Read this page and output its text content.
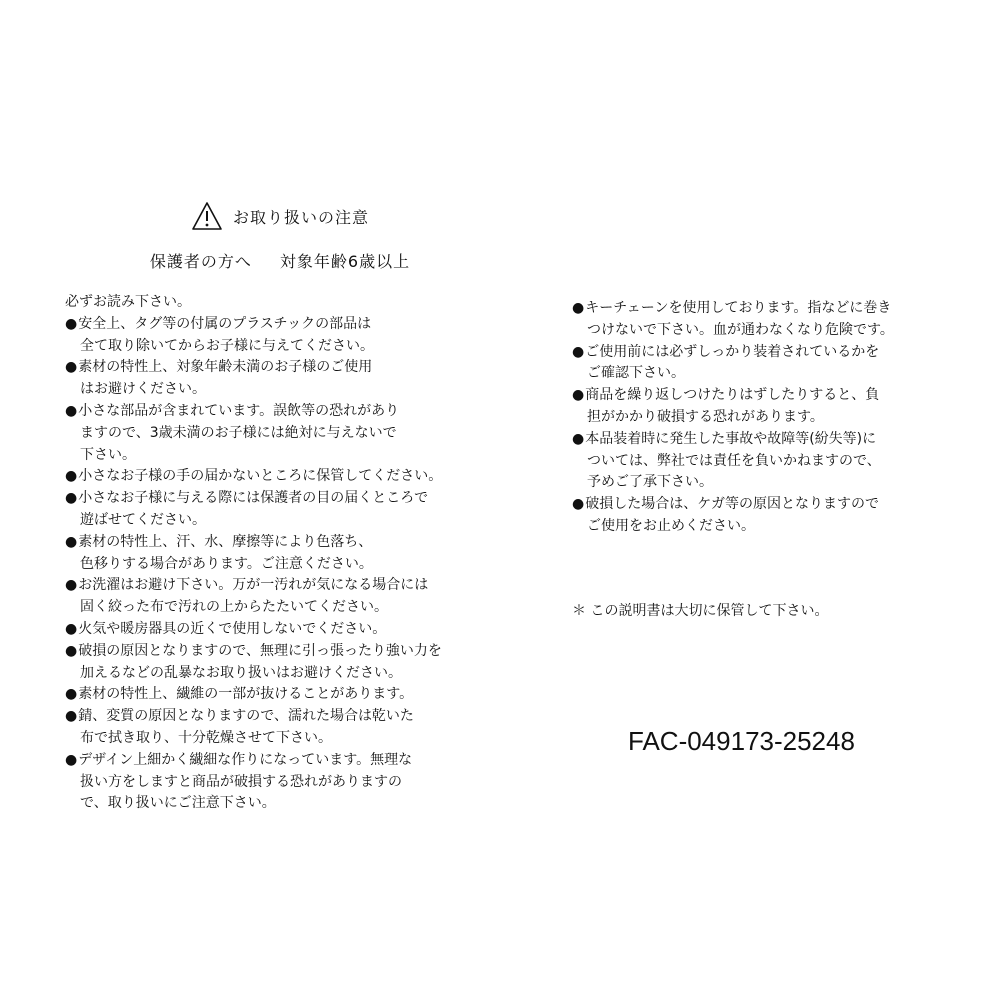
お取り扱いの注意
保護者の方へ 対象年齢6歳以上
必ずお読み下さい。
● 安全上、タグ等の付属のプラスチックの部品は
全て取り除いてからお子様に与えてください。
● 素材の特性上、対象年齢未満のお子様のご使用
はお避けください。
● 小さな部品が含まれています。誤飲等の恐れがあり
ますので、3歳未満のお子様には絶対に与えないで
下さい。
● 小さなお子様の手の届かないところに保管してください。
● 小さなお子様に与える際には保護者の目の届くところで
遊ばせてください。
● 素材の特性上、汗、水、摩擦等により色落ち、
色移りする場合があります。ご注意ください。
● お洗濯はお避け下さい。万が一汚れが気になる場合には
固く絞った布で汚れの上からたたいてください。
● 火気や暖房器具の近くで使用しないでください。
● 破損の原因となりますので、無理に引っ張ったり強い力を
加えるなどの乱暴なお取り扱いはお避けください。
● 素材の特性上、繊維の一部が抜けることがあります。
● 錆、変質の原因となりますので、濡れた場合は乾いた
布で拭き取り、十分乾燥させて下さい。
● デザイン上細かく繊細な作りになっています。無理な
扱い方をしますと商品が破損する恐れがありますの
で、取り扱いにご注意下さい。
● キーチェーンを使用しております。指などに巻き
つけないで下さい。血が通わなくなり危険です。
● ご使用前には必ずしっかり装着されているかを
ご確認下さい。
● 商品を繰り返しつけたりはずしたりすると、負
担がかかり破損する恐れがあります。
● 本品装着時に発生した事故や故障等(紛失等)に
ついては、弊社では責任を負いかねますので、
予めご了承下さい。
● 破損した場合は、ケガ等の原因となりますので
ご使用をお止めください。
＊ この説明書は大切に保管して下さい。
FAC-049173-25248
